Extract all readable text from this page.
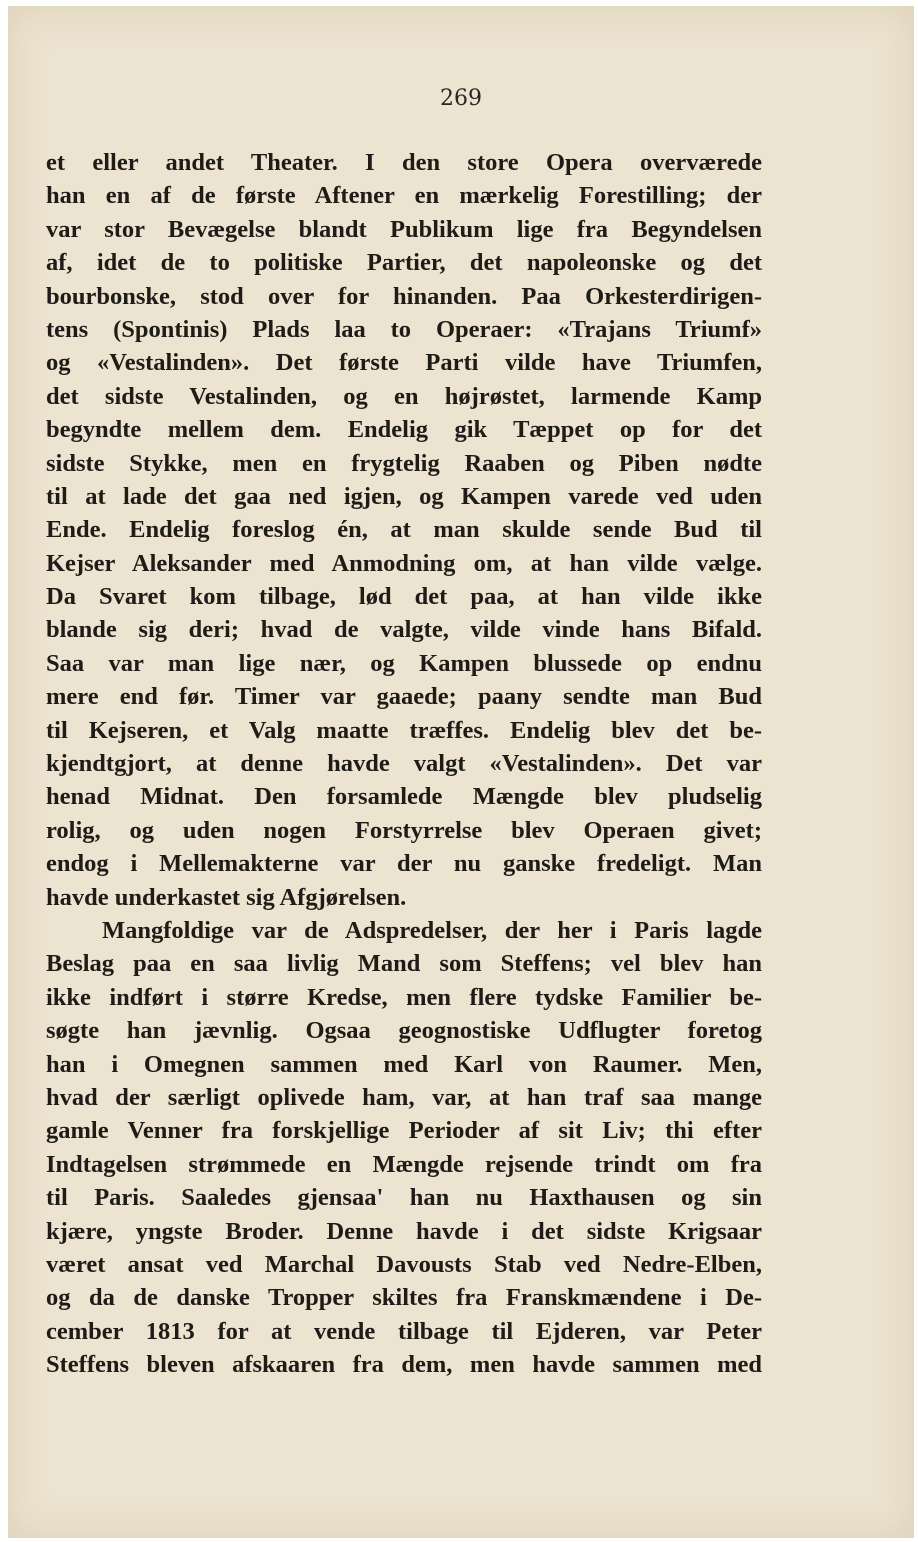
269
et eller andet Theater. I den store Opera overværede
han en af de første Aftener en mærkelig Forestilling; der
var stor Bevægelse blandt Publikum lige fra Begyndelsen
af, idet de to politiske Partier, det napoleonske og det
bourbonske, stod over for hinanden. Paa Orkesterdirigen-
tens (Spontinis) Plads laa to Operaer: «Trajans Triumf»
og «Vestalinden». Det første Parti vilde have Triumfen,
det sidste Vestalinden, og en højrøstet, larmende Kamp
begyndte mellem dem. Endelig gik Tæppet op for det
sidste Stykke, men en frygtelig Raaben og Piben nødte
til at lade det gaa ned igjen, og Kampen varede ved uden
Ende. Endelig foreslog én, at man skulde sende Bud til
Kejser Aleksander med Anmodning om, at han vilde vælge.
Da Svaret kom tilbage, lød det paa, at han vilde ikke
blande sig deri; hvad de valgte, vilde vinde hans Bifald.
Saa var man lige nær, og Kampen blussede op endnu
mere end før. Timer var gaaede; paany sendte man Bud
til Kejseren, et Valg maatte træffes. Endelig blev det be-
kjendtgjort, at denne havde valgt «Vestalinden». Det var
henad Midnat. Den forsamlede Mængde blev pludselig
rolig, og uden nogen Forstyrrelse blev Operaen givet;
endog i Mellemakterne var der nu ganske fredeligt. Man
havde underkastet sig Afgjørelsen.
Mangfoldige var de Adspredelser, der her i Paris lagde
Beslag paa en saa livlig Mand som Steffens; vel blev han
ikke indført i større Kredse, men flere tydske Familier be-
søgte han jævnlig. Ogsaa geognostiske Udflugter foretog
han i Omegnen sammen med Karl von Raumer. Men,
hvad der særligt oplivede ham, var, at han traf saa mange
gamle Venner fra forskjellige Perioder af sit Liv; thi efter
Indtagelsen strømmede en Mængde rejsende trindt om fra
til Paris. Saaledes gjensaa' han nu Haxthausen og sin
kjære, yngste Broder. Denne havde i det sidste Krigsaar
været ansat ved Marchal Davousts Stab ved Nedre-Elben,
og da de danske Tropper skiltes fra Franskmændene i De-
cember 1813 for at vende tilbage til Ejderen, var Peter
Steffens bleven afskaaren fra dem, men havde sammen med
